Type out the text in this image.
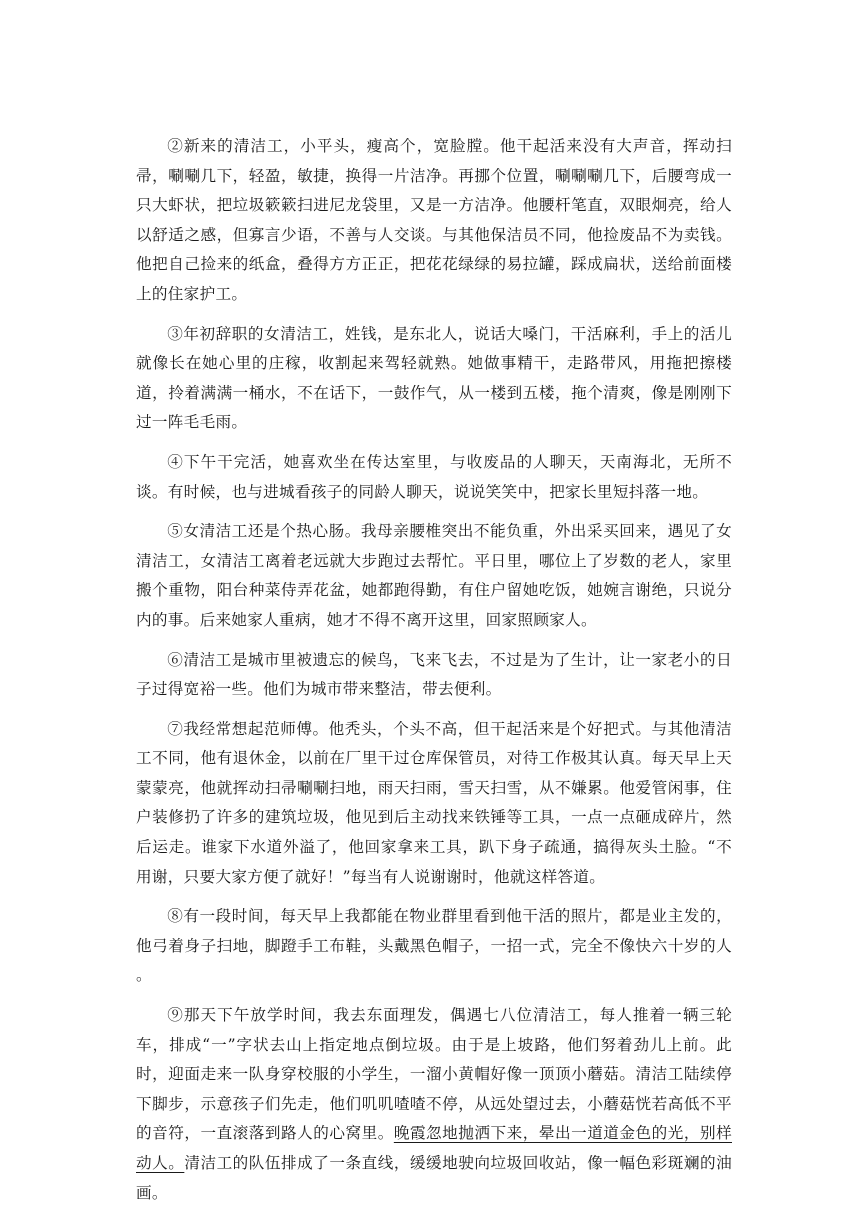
②新来的清洁工，小平头，瘦高个，宽脸膛。他干起活来没有大声音，挥动扫帚，唰唰几下，轻盈，敏捷，换得一片洁净。再挪个位置，唰唰唰几下，后腰弯成一只大虾状，把垃圾簌簌扫进尼龙袋里，又是一方洁净。他腰杆笔直，双眼炯亮，给人以舒适之感，但寡言少语，不善与人交谈。与其他保洁员不同，他捡废品不为卖钱。他把自己捡来的纸盒，叠得方方正正，把花花绿绿的易拉罐，踩成扁状，送给前面楼上的住家护工。

③年初辞职的女清洁工，姓钱，是东北人，说话大嗓门，干活麻利，手上的活儿就像长在她心里的庄稼，收割起来驾轻就熟。她做事精干，走路带风，用拖把擦楼道，拎着满满一桶水，不在话下，一鼓作气，从一楼到五楼，拖个清爽，像是刚刚下过一阵毛毛雨。

④下午干完活，她喜欢坐在传达室里，与收废品的人聊天，天南海北，无所不谈。有时候，也与进城看孩子的同龄人聊天，说说笑笑中，把家长里短抖落一地。

⑤女清洁工还是个热心肠。我母亲腰椎突出不能负重，外出采买回来，遇见了女清洁工，女清洁工离着老远就大步跑过去帮忙。平日里，哪位上了岁数的老人，家里搬个重物，阳台种菜侍弄花盆，她都跑得勤，有住户留她吃饭，她婉言谢绝，只说分内的事。后来她家人重病，她才不得不离开这里，回家照顾家人。

⑥清洁工是城市里被遗忘的候鸟，飞来飞去，不过是为了生计，让一家老小的日子过得宽裕一些。他们为城市带来整洁，带去便利。

⑦我经常想起范师傅。他秃头，个头不高，但干起活来是个好把式。与其他清洁工不同，他有退休金，以前在厂里干过仓库保管员，对待工作极其认真。每天早上天蒙蒙亮，他就挥动扫帚唰唰扫地，雨天扫雨，雪天扫雪，从不嫌累。他爱管闲事，住户装修扔了许多的建筑垃圾，他见到后主动找来铁锤等工具，一点一点砸成碎片，然后运走。谁家下水道外溢了，他回家拿来工具，趴下身子疏通，搞得灰头土脸。“不用谢，只要大家方便了就好！”每当有人说谢谢时，他就这样答道。

⑧有一段时间，每天早上我都能在物业群里看到他干活的照片，都是业主发的，他弓着身子扫地，脚蹬手工布鞋，头戴黑色帽子，一招一式，完全不像快六十岁的人 。

⑨那天下午放学时间，我去东面理发，偶遇七八位清洁工，每人推着一辆三轮车，排成“一”字状去山上指定地点倒垃圾。由于是上坡路，他们努着劲儿上前。此时，迎面走来一队身穿校服的小学生，一溜小黄帽好像一顶顶小蘑菇。清洁工陆续停下脚步，示意孩子们先走，他们叽叽喳喳不停，从远处望过去，小蘑菇恍若高低不平的音符，一直滚落到路人的心窝里。晚霞忽地抛洒下来，晕出一道道金色的光，别样动人。清洁工的队伍排成了一条直线，缓缓地驶向垃圾回收站，像一幅色彩斑斓的油画。
